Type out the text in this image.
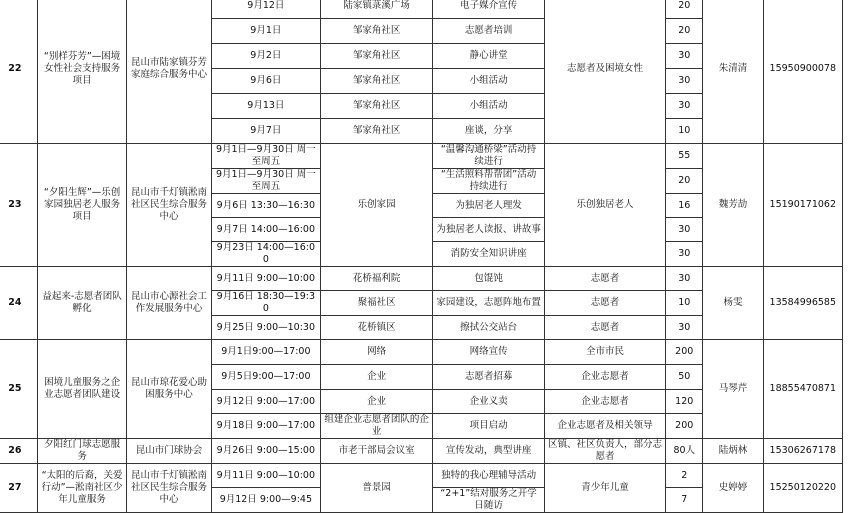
22	“别样芬芳”—困境女性社会支持服务项目	昆山市陆家镇芬芳家庭综合服务中心	9月12日	陆家镇菉溪广场	电子媒介宣传	志愿者及困境女性	20	朱清清	15950900078
			9月1日	邹家角社区	志愿者培训		20		
			9月2日	邹家角社区	静心讲堂		30		
			9月6日	邹家角社区	小组活动		30		
			9月13日	邹家角社区	小组活动		30		
			9月7日	邹家角社区	座谈，分享		10		
23	“夕阳生辉”—乐创家园独居老人服务项目	昆山市千灯镇淞南社区民生综合服务中心	9月1日—9月30日 周一至周五	乐创家园	“温馨沟通桥梁”活动持续进行	乐创独居老人	55	魏芳劼	15190171062
			9月1日—9月30日 周一至周五		“生活照料帮帮团”活动持续进行		20		
			9月6日 13:30—16:30		为独居老人理发		16		
			9月7日 14:00—16:00		为独居老人读报、讲故事		30		
			9月23日 14:00—16:00		消防安全知识讲座		30		
24	益起来-志愿者团队孵化	昆山市心源社会工作发展服务中心	9月11日 9:00—10:00	花桥福利院	包馄饨	志愿者	30	杨雯	13584996585
			9月16日 18:30—19:30	聚福社区	家园建设，志愿阵地布置	志愿者	10		
			9月25日 9:00—10:30	花桥镇区	擦拭公交站台	志愿者	30		
25	困境儿童服务之企业志愿者团队建设	昆山市琼花爱心助困服务中心	9月1日9:00—17:00	网络	网络宣传	全市市民	200	马琴芹	18855470871
			9月5日9:00—17:00	企业	志愿者招募	企业志愿者	50		
			9月12日 9:00—17:00	企业	企业义卖	企业志愿者	120		
			9月18日 9:00—17:00	组建企业志愿者团队的企业	项目启动	企业志愿者及相关领导	200		
26	夕阳红门球志愿服务	昆山市门球协会	9月26日 9:00—15:00	市老干部局会议室	宣传发动，典型讲座	区镇、社区负责人，部分志愿者	80人	陆炳林	15306267178
27	“太阳的后裔，关爱行动”—淞南社区少年儿童服务	昆山市千灯镇淞南社区民生综合服务中心	9月11日 9:00—10:00	普景园	独特的我心理辅导活动	青少年儿童	2	史婷婷	15250120220
			9月12日 9:00—9:45		“2+1”结对服务之开学日随访		7		
